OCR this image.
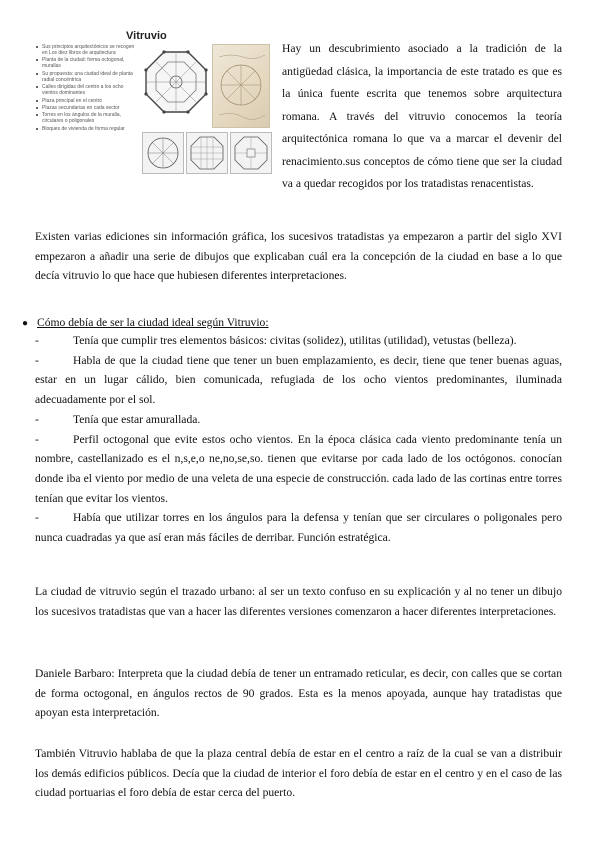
Vitruvio
Sus principios arquitectónicos se recogen en Los diez libros de arquitectura
Planta de la ciudad: forma octogonal, murallas
Su propuesta: una ciudad ideal de planta radial concéntrica
Calles dirigidas del centro a los ocho vientos dominantes
Plaza principal en el centro
Plazas secundarias en cada sector
Torres en los ángulos de la muralla, circulares o poligonales
Bloques de vivienda de forma regular

Hay un descubrimiento asociado a la tradición de la antigüedad clásica, la importancia de este tratado es que es la única fuente escrita que tenemos sobre arquitectura romana. A través del vitruvio conocemos la teoría arquitectónica romana lo que va a marcar el devenir del renacimiento.sus conceptos de cómo tiene que ser la ciudad va a quedar recogidos por los tratadistas renacentistas.

Existen varias ediciones sin información gráfica, los sucesivos tratadistas ya empezaron a partir del siglo XVI empezaron a añadir una serie de dibujos que explicaban cuál era la concepción de la ciudad en base a lo que decía vitruvio lo que hace que hubiesen diferentes interpretaciones.

● Cómo debía de ser la ciudad ideal según Vitruvio:

-	Tenía que cumplir tres elementos básicos: civitas (solidez), utilitas (utilidad), vetustas (belleza).
-	Habla de que la ciudad tiene que tener un buen emplazamiento, es decir, tiene que tener buenas aguas, estar en un lugar cálido, bien comunicada, refugiada de los ocho vientos predominantes, iluminada adecuadamente por el sol.
-	Tenía que estar amurallada.
-	Perfil octogonal que evite estos ocho vientos. En la época clásica cada viento predominante tenía un nombre, castellanizado es el n,s,e,o ne,no,se,so. tienen que evitarse por cada lado de los octógonos. conocían donde iba el viento por medio de una veleta de una especie de construcción. cada lado de las cortinas entre torres tenían que evitar los vientos.
-	Había que utilizar torres en los ángulos para la defensa y tenían que ser circulares o poligonales pero nunca cuadradas ya que así eran más fáciles de derribar. Función estratégica.

La ciudad de vitruvio según el trazado urbano: al ser un texto confuso en su explicación y al no tener un dibujo los sucesivos tratadistas que van a hacer las diferentes versiones comenzaron a hacer diferentes interpretaciones.

Daniele Barbaro: Interpreta que la ciudad debía de tener un entramado reticular, es decir, con calles que se cortan de forma octogonal, en ángulos rectos de 90 grados. Esta es la menos apoyada, aunque hay tratadistas que apoyan esta interpretación.

También Vitruvio hablaba de que la plaza central debía de estar en el centro a raíz de la cual se van a distribuir los demás edificios públicos. Decía que la ciudad de interior el foro debía de estar en el centro y en el caso de las ciudad portuarias el foro debía de estar cerca del puerto.
